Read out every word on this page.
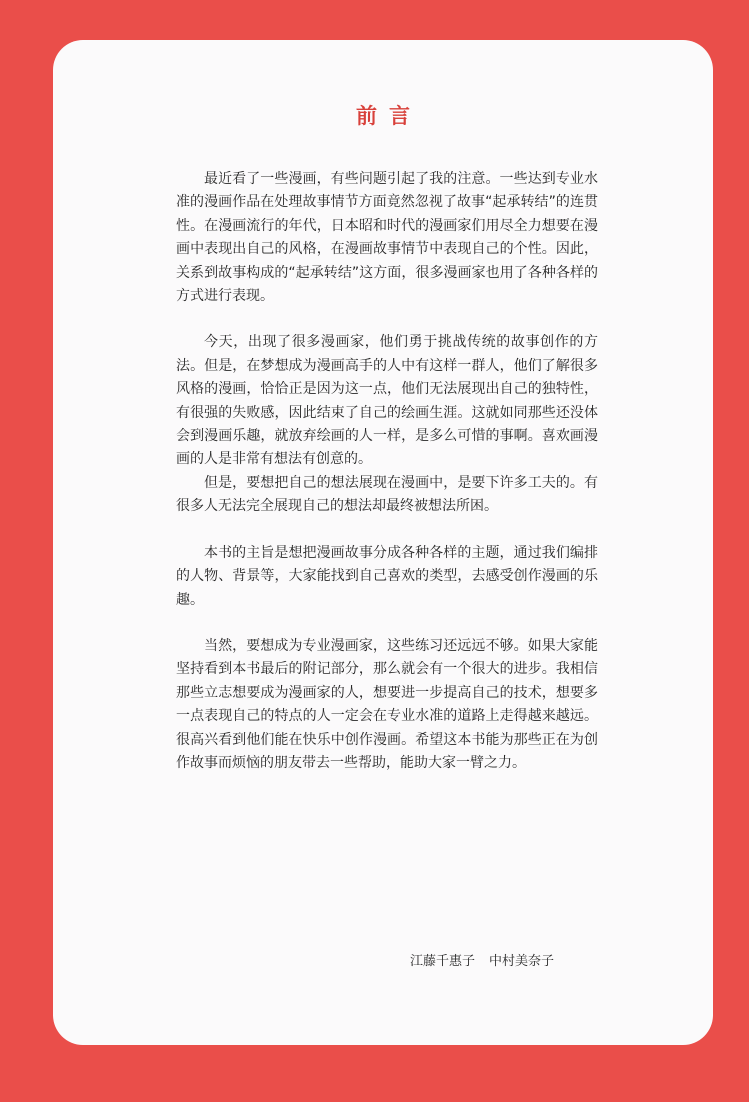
前言

最近看了一些漫画，有些问题引起了我的注意。一些达到专业水准的漫画作品在处理故事情节方面竟然忽视了故事“起承转结”的连贯性。在漫画流行的年代，日本昭和时代的漫画家们用尽全力想要在漫画中表现出自己的风格，在漫画故事情节中表现自己的个性。因此，关系到故事构成的“起承转结”这方面，很多漫画家也用了各种各样的方式进行表现。

今天，出现了很多漫画家，他们勇于挑战传统的故事创作的方法。但是，在梦想成为漫画高手的人中有这样一群人，他们了解很多风格的漫画，恰恰正是因为这一点，他们无法展现出自己的独特性，有很强的失败感，因此结束了自己的绘画生涯。这就如同那些还没体会到漫画乐趣，就放弃绘画的人一样，是多么可惜的事啊。喜欢画漫画的人是非常有想法有创意的。

但是，要想把自己的想法展现在漫画中，是要下许多工夫的。有很多人无法完全展现自己的想法却最终被想法所困。

本书的主旨是想把漫画故事分成各种各样的主题，通过我们编排的人物、背景等，大家能找到自己喜欢的类型，去感受创作漫画的乐趣。

当然，要想成为专业漫画家，这些练习还远远不够。如果大家能坚持看到本书最后的附记部分，那么就会有一个很大的进步。我相信那些立志想要成为漫画家的人，想要进一步提高自己的技术，想要多一点表现自己的特点的人一定会在专业水准的道路上走得越来越远。很高兴看到他们能在快乐中创作漫画。希望这本书能为那些正在为创作故事而烦恼的朋友带去一些帮助，能助大家一臂之力。

江藤千惠子 中村美奈子
